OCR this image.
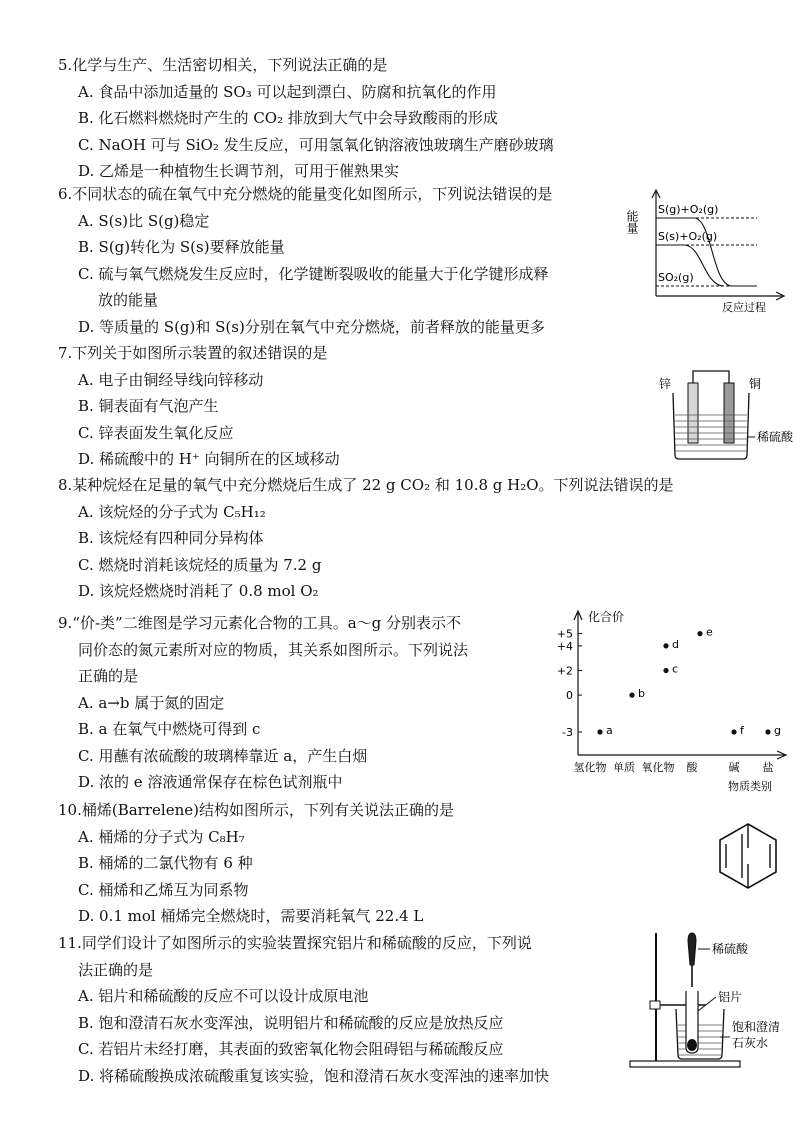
5.化学与生产、生活密切相关，下列说法正确的是
A. 食品中添加适量的 SO₃ 可以起到漂白、防腐和抗氧化的作用
B. 化石燃料燃烧时产生的 CO₂ 排放到大气中会导致酸雨的形成
C. NaOH 可与 SiO₂ 发生反应，可用氢氧化钠溶液蚀玻璃生产磨砂玻璃
D. 乙烯是一种植物生长调节剂，可用于催熟果实
6.不同状态的硫在氧气中充分燃烧的能量变化如图所示，下列说法错误的是
A. S(s)比 S(g)稳定
B. S(g)转化为 S(s)要释放能量
C. 硫与氧气燃烧发生反应时，化学键断裂吸收的能量大于化学键形成释
放的能量
D. 等质量的 S(g)和 S(s)分别在氧气中充分燃烧，前者释放的能量更多
能量
S(g)+O₂(g)
S(s)+O₂(g)
SO₂(g)
反应过程
7.下列关于如图所示装置的叙述错误的是
A. 电子由铜经导线向锌移动
B. 铜表面有气泡产生
C. 锌表面发生氧化反应
D. 稀硫酸中的 H⁺ 向铜所在的区域移动
锌	铜
稀硫酸
8.某种烷烃在足量的氧气中充分燃烧后生成了 22 g CO₂ 和 10.8 g H₂O。下列说法错误的是
A. 该烷烃的分子式为 C₅H₁₂
B. 该烷烃有四种同分异构体
C. 燃烧时消耗该烷烃的质量为 7.2 g
D. 该烷烃燃烧时消耗了 0.8 mol O₂
9.“价-类”二维图是学习元素化合物的工具。a～g 分别表示不
同价态的氮元素所对应的物质，其关系如图所示。下列说法
正确的是
A. a→b 属于氮的固定
B. a 在氧气中燃烧可得到 c
C. 用蘸有浓硫酸的玻璃棒靠近 a，产生白烟
D. 浓的 e 溶液通常保存在棕色试剂瓶中
化合价
物质类别
+5
+4
+2
0
-3
氢化物 单质 氧化物 酸	碱 盐
a
b
c
d
e
f	g
10.桶烯(Barrelene)结构如图所示，下列有关说法正确的是
A. 桶烯的分子式为 C₈H₇
B. 桶烯的二氯代物有 6 种
C. 桶烯和乙烯互为同系物
D. 0.1 mol 桶烯完全燃烧时，需要消耗氧气 22.4 L
11.同学们设计了如图所示的实验装置探究铝片和稀硫酸的反应，下列说
法正确的是
A. 铝片和稀硫酸的反应不可以设计成原电池
B. 饱和澄清石灰水变浑浊，说明铝片和稀硫酸的反应是放热反应
C. 若铝片未经打磨，其表面的致密氧化物会阻碍铝与稀硫酸反应
D. 将稀硫酸换成浓硫酸重复该实验，饱和澄清石灰水变浑浊的速率加快
稀硫酸
铝片
饱和澄清
石灰水
